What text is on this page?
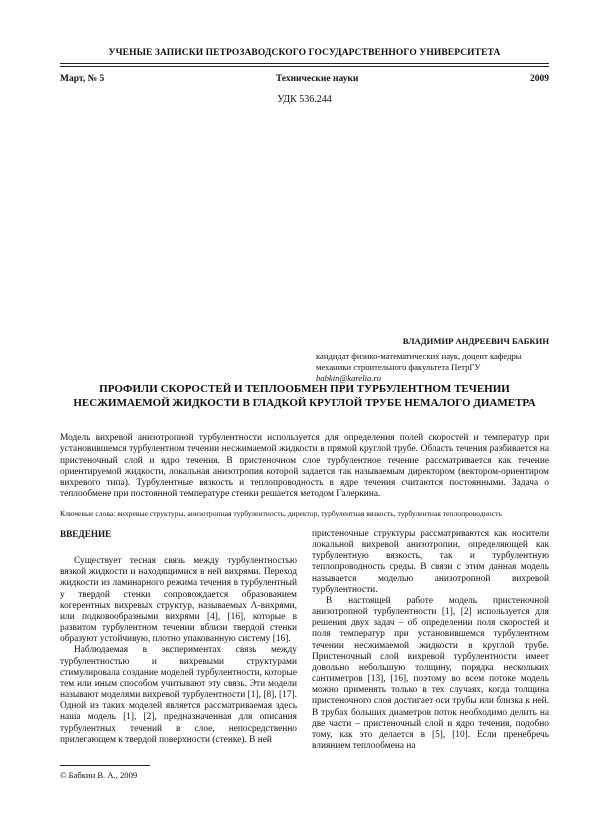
УЧЕНЫЕ ЗАПИСКИ ПЕТРОЗАВОДСКОГО ГОСУДАРСТВЕННОГО УНИВЕРСИТЕТА
Март, № 5	Технические науки	2009
УДК 536.244
ВЛАДИМИР АНДРЕЕВИЧ БАБКИН
кандидат физико-математических наук, доцент кафедры
механики строительного факультета ПетрГУ
babkin@karelia.ru
ПРОФИЛИ СКОРОСТЕЙ И ТЕПЛООБМЕН ПРИ ТУРБУЛЕНТНОМ ТЕЧЕНИИ
НЕСЖИМАЕМОЙ ЖИДКОСТИ В ГЛАДКОЙ КРУГЛОЙ ТРУБЕ НЕМАЛОГО ДИАМЕТРА
Модель вихревой анизотропной турбулентности используется для определения полей скоростей и температур при установившемся турбулентном течении несжимаемой жидкости в прямой круглой трубе. Область течения разбивается на пристеночный слой и ядро течения. В пристеночном слое турбулентное течение рассматривается как течение ориентируемой жидкости, локальная анизотропия которой задается так называемым директором (вектором-ориентиром вихревого типа). Турбулентные вязкость и теплопроводность в ядре течения считаются постоянными. Задача о теплообмене при постоянной температуре стенки решается методом Галеркина.
Ключевые слова: вихревые структуры, анизотропная турбулентность, директор, турбулентная вязкость, турбулентная теплопроводность
ВВЕДЕНИЕ

Существует тесная связь между турбулентностью вязкой жидкости и находящимися в ней вихрями. Переход жидкости из ламинарного режима течения в турбулентный у твердой стенки сопровождается образованием когерентных вихревых структур, называемых Λ-вихрями, или подковообразными вихрями [4], [16], которые в развитом турбулентном течении вблизи твердой стенки образуют устойчивую, плотно упакованную систему [16].

Наблюдаемая в экспериментах связь между турбулентностью и вихревыми структурами стимулировала создание моделей турбулентности, которые тем или иным способом учитывают эту связь. Эти модели называют моделями вихревой турбулентности [1], [8], [17]. Одной из таких моделей является рассматриваемая здесь наша модель [1], [2], предназначенная для описания турбулентных течений в слое, непосредственно прилегающем к твердой поверхности (стенке). В ней

пристеночные структуры рассматриваются как носители локальной вихревой анизотропии, определяющей как турбулентную вязкость, так и турбулентную теплопроводность среды. В связи с этим данная модель называется моделью анизотропной вихревой турбулентности.

В настоящей работе модель пристеночной анизотропной турбулентности [1], [2] используется для решения двух задач – об определении поля скоростей и поля температур при установившемся турбулентном течении несжимаемой жидкости в круглой трубе. Пристеночный слой вихревой турбулентности имеет довольно небольшую толщину, порядка нескольких сантиметров [13], [16], поэтому во всем потоке модель можно применять только в тех случаях, когда толщина пристеночного слоя достигает оси трубы или близка к ней. В трубах больших диаметров поток необходимо делить на две части – пристеночный слой и ядро течения, подобно тому, как это делается в [5], [10]. Если пренебречь влиянием теплообмена на

© Бабкин В. А., 2009
